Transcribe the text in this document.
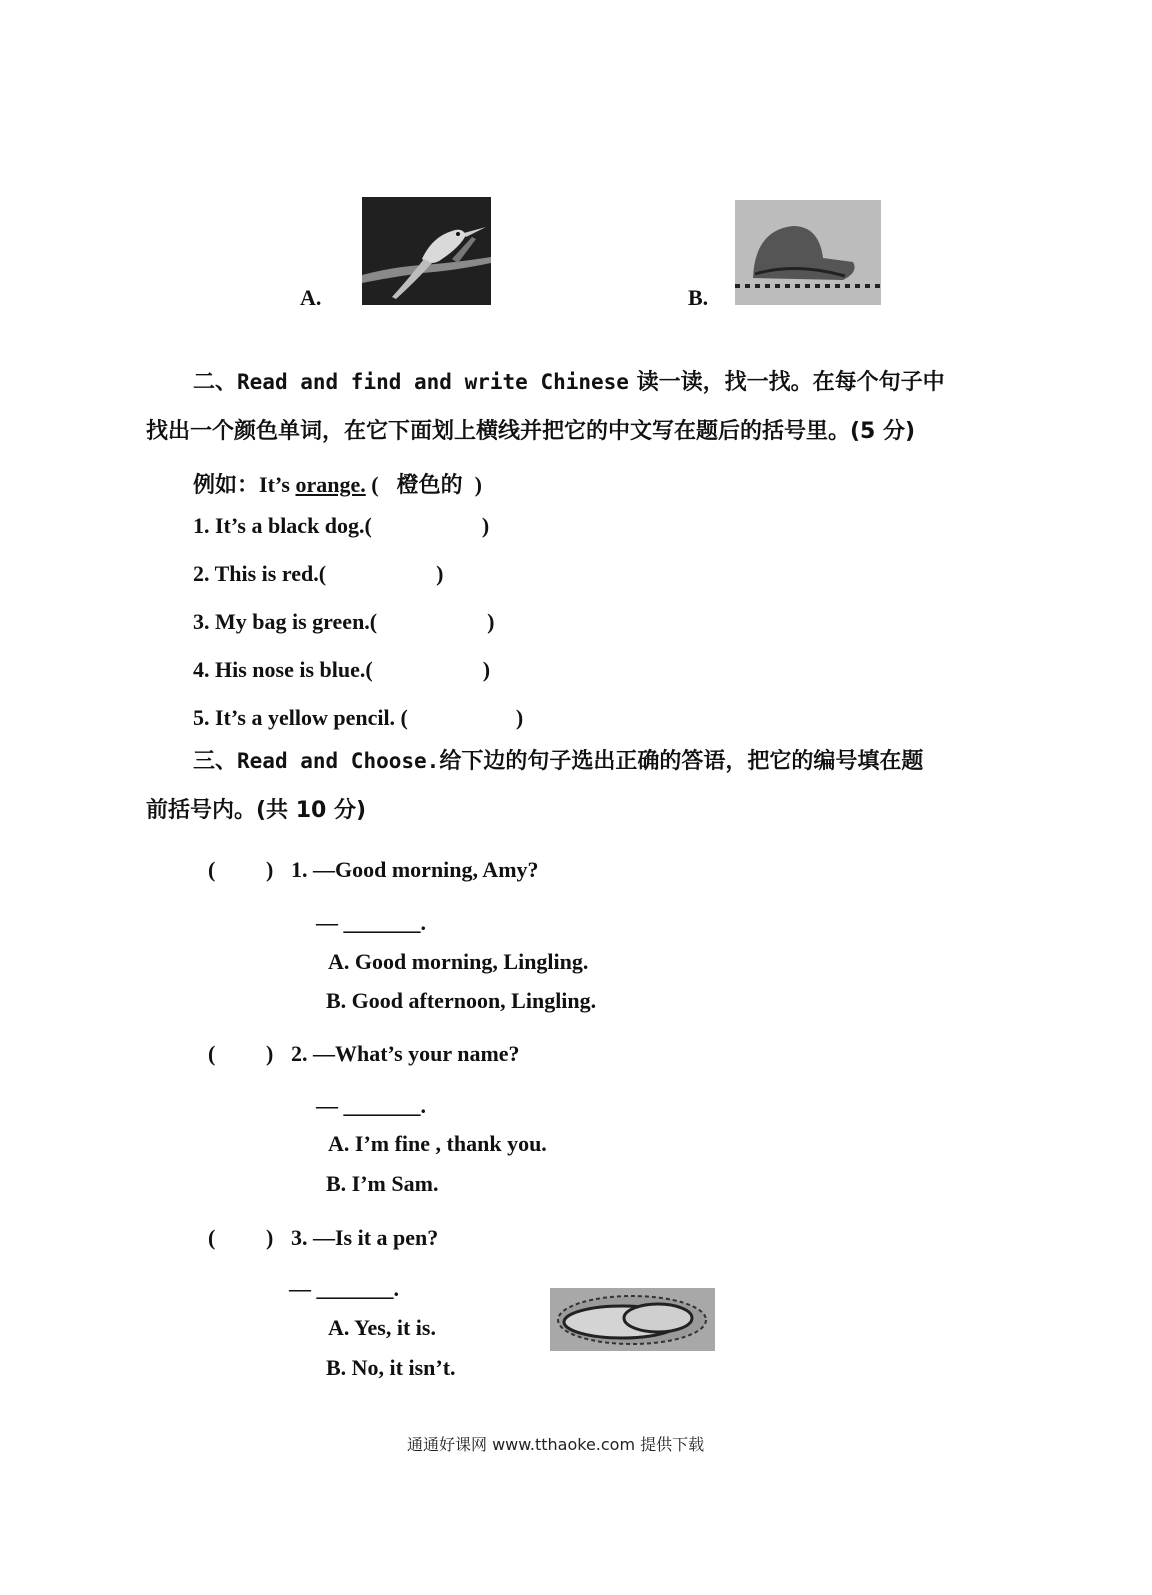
A.	B.
二、Read and find and write Chinese 读一读，找一找。在每个句子中
找出一个颜色单词，在它下面划上横线并把它的中文写在题后的括号里。(5 分)
例如：It’s orange. ( 橙色的 )
1. It’s a black dog.(	)
2. This is red.(	)
3. My bag is green.(	)
4. His nose is blue.(	)
5. It’s a yellow pencil. (	)
三、Read and Choose.给下边的句子选出正确的答语，把它的编号填在题
前括号内。(共 10 分)
( ) 1. —Good morning, Amy?
— _______.
A. Good morning, Lingling.
B. Good afternoon, Lingling.
( ) 2. —What’s your name?
— _______.
A. I’m fine , thank you.
B. I’m Sam.
( ) 3. —Is it a pen?
— _______.
A. Yes, it is.
B. No, it isn’t.
通通好课网 www.tthaoke.com 提供下载
